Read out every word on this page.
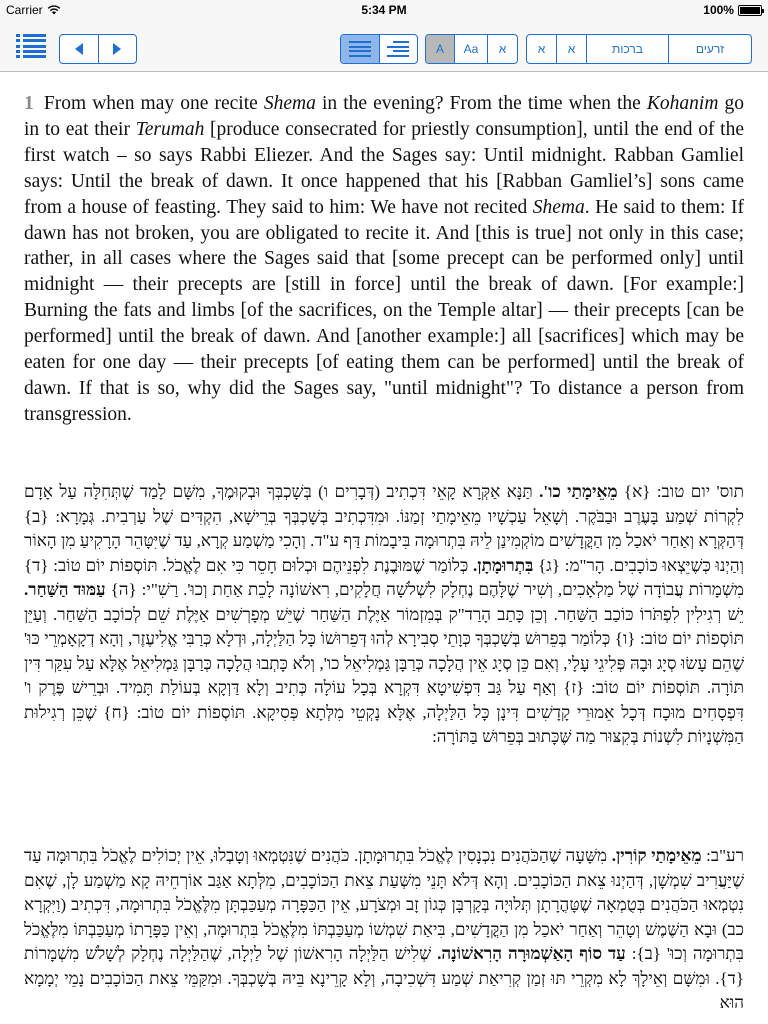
Carrier	5:34 PM	100%
A	Aa	א	א	א	ברכות	זרעים
1 From when may one recite Shema in the evening? From the time when the Kohanim go in to eat their Terumah [produce consecrated for priestly consumption], until the end of the first watch – so says Rabbi Eliezer. And the Sages say: Until midnight. Rabban Gamliel says: Until the break of dawn. It once happened that his [Rabban Gamliel’s] sons came from a house of feasting. They said to him: We have not recited Shema. He said to them: If dawn has not broken, you are obligated to recite it. And [this is true] not only in this case; rather, in all cases where the Sages said that [some precept can be performed only] until midnight — their precepts are [still in force] until the break of dawn. [For example:] Burning the fats and limbs [of the sacrifices, on the Temple altar] — their precepts [can be performed] until the break of dawn. And [another example:] all [sacrifices] which may be eaten for one day — their precepts [of eating them can be performed] until the break of dawn. If that is so, why did the Sages say, "until midnight"? To distance a person from transgression.
תוס' יום טוב: {א} מֵאֵימָתַי כו'. תַּנָּא אַקְּרָא קָאֵי דִּכְתִיב (דְּבָרִים ו) בְּשָׁכְבְּךָ וּבְקוּמֶךָ, מִשָּׁם לָמַד שֶׁתְּחִלָּה עַל אָדָם לִקְרוֹת שְׁמַע בָּעֶרֶב וּבַבֹּקֶר. וְשָׁאֵל עַכְשָׁיו מֵאֵימָתַי זְמַנּוֹ. וּמִדִּכְתִיב בְּשָׁכְבְּךָ בְּרֵישָׁא, הִקְדִּים שֶׁל עַרְבִית. גְּמָרָא: {ב} דְּהַקְּרָא וְאַחַר יֹאכַל מִן הַקֳּדָשִׁים מוֹקְמִינַן לֵיהּ בִּתְרוּמָה בִּיבָמוֹת דַּף ע"ד. וְהָכִי מַשְׁמַע קְרָא, עַד שֶׁיִּטָּהֵר הָרָקִיעַ מִן הָאוֹר וְהַיְנוּ כְּשֶׁיֵּצְאוּ כּוֹכָבִים. הָר"מ: {ג} בִּתְרוּמָתָן. כְּלוֹמַר שֶׁמּוּבֶנֶת לִפְנֵיהֶם וּכְלוּם חָסֵר כִּי אִם לֶאֱכֹל. תּוֹסְפוֹת יוֹם טוֹב: {ד} מִשְׁמָרוֹת עֲבוֹדָה שֶׁל מַלְאָכִים, וְשִׁיר שֶׁלָּהֶם נֶחְלָק לִשְׁלֹשָׁה חֲלָקִים, רִאשׁוֹנָה לָכֵת אַחַת וְכוּ'. רַשִׁ"י: {ה} עַמּוּד הַשַּׁחַר. יֵשׁ רְגִילִין לִפְתֹּרוֹ כּוֹכַב הַשַּׁחַר. וְכֵן כָּתַב הָרַד"ק בְּמִזְמוֹר אַיֶּלֶת הַשַּׁחַר שֶׁיֵּשׁ מְפָרְשִׁים אַיֶּלֶת שֵׁם לְכוֹכָב הַשַּׁחַר. וְעַיֵּן תּוֹסְפוֹת יוֹם טוֹב: {ו} כְּלוֹמַר בְּפֵרוּשׁ בְּשָׁכְבְּךָ כְּוָתֵי סְבִירָא לְהוּ דְּפֵרוּשׁוֹ כָּל הַלַּיְלָה, וּדְלָא כְּרַבִּי אֱלִיעֶזֶר, וְהָא דְקָאָמְרֵי כּוּ' שֶׁהֵם עָשׂוּ סְיָג וּבָהּ פְּלִיגֵי עָלָי, וְאִם כֵּן סְיָג אֵין הֲלָכָה כְּרַבָּן גַּמְלִיאֵל כו', וְלֹא כָּתְבוּ הֲלָכָה כְּרַבָּן גַּמְלִיאֵל אֶלָּא עַל עִקַּר דִּין תּוֹרָה. תּוֹסְפוֹת יוֹם טוֹב: {ז} וְאַף עַל גַּב דִּפְשִׁיטָא דִּקְרָא בְּכָל עוֹלָה כְּתִיב וְלָא דַּוְקָא בְּעוֹלַת תָּמִיד. וּבְרֵישׁ פֶּרֶק ו' דִּפְסָחִים מוּכָח דְּכָל אֵמוּרֵי קָדָשִׁים דִּינָן כָּל הַלַּיְלָה, אֶלָּא נָקְטֵי מִלְּתָא פְּסִיקָא. תּוֹסְפוֹת יוֹם טוֹב: {ח} שֶׁכֵּן רְגִילוּת הַמִּשְׁנָיוֹת לִשְׁנוֹת בְּקִצּוּר מַה שֶּׁכָּתוּב בְּפֵרוּשׁ בַּתּוֹרָה:
רע"ב: מֵאֵימָתַי קוֹרִין. מִשָּׁעָה שֶׁהַכֹּהֲנִים נִכְנָסִין לֶאֱכֹל בִּתְרוּמָתָן. כֹּהֲנִים שֶׁנִּטְמְאוּ וְטָבְלוּ, אֵין יְכוֹלִים לֶאֱכֹל בִּתְרוּמָה עַד שֶׁיַּעֲרִיב שִׁמְשָׁן, דְּהַיְנוּ צֵאת הַכּוֹכָבִים. וְהָא דְּלֹא תָּנֵי מִשְּׁעַת צֵאת הַכּוֹכָבִים, מִלְּתָא אַגַּב אוֹרְחֵיהּ קָא מַשְׁמַע לָן, שֶׁאִם נִטְמְאוּ הַכֹּהֲנִים בְּטֻמְאָה שֶׁטָּהֳרָתָן תְּלוּיָה בְּקָרְבָּן כְּגוֹן זָב וּמְצֹרָע, אֵין הַכַּפָּרָה מְעַכַּבְתָּן מִלֶּאֱכֹל בִּתְרוּמָה, דִּכְתִיב (וַיִּקְרָא כב) וּבָא הַשֶּׁמֶשׁ וְטָהֵר וְאַחַר יֹאכַל מִן הַקֳּדָשִׁים, בִּיאַת שִׁמְשׁוֹ מְעַכַּבְתּוֹ מִלֶּאֱכֹל בִּתְרוּמָה, וְאֵין כַּפָּרָתוֹ מְעַכַּבְתּוֹ מִלֶּאֱכֹל בִּתְרוּמָה וְכוּ' {ב}: עַד סוֹף הָאַשְׁמוּרָה הָרִאשׁוֹנָה. שְׁלִישׁ הַלַּיְלָה הָרִאשׁוֹן שֶׁל לַיְלָה, שֶׁהַלַּיְלָה נֶחְלָק לְשָׁלֹשׁ מִשְׁמָרוֹת {ד}. וּמִשָּׁם וְאֵילָךְ לָא מִקְרֵי תּוּ זְמַן קְרִיאַת שְׁמַע דִּשְׁכִיבָה, וְלָא קָרֵינָא בֵּיהּ בְּשָׁכְבְּךָ. וּמִקַּמֵּי צֵאת הַכּוֹכָבִים נָמֵי יְמָמָא הוּא
